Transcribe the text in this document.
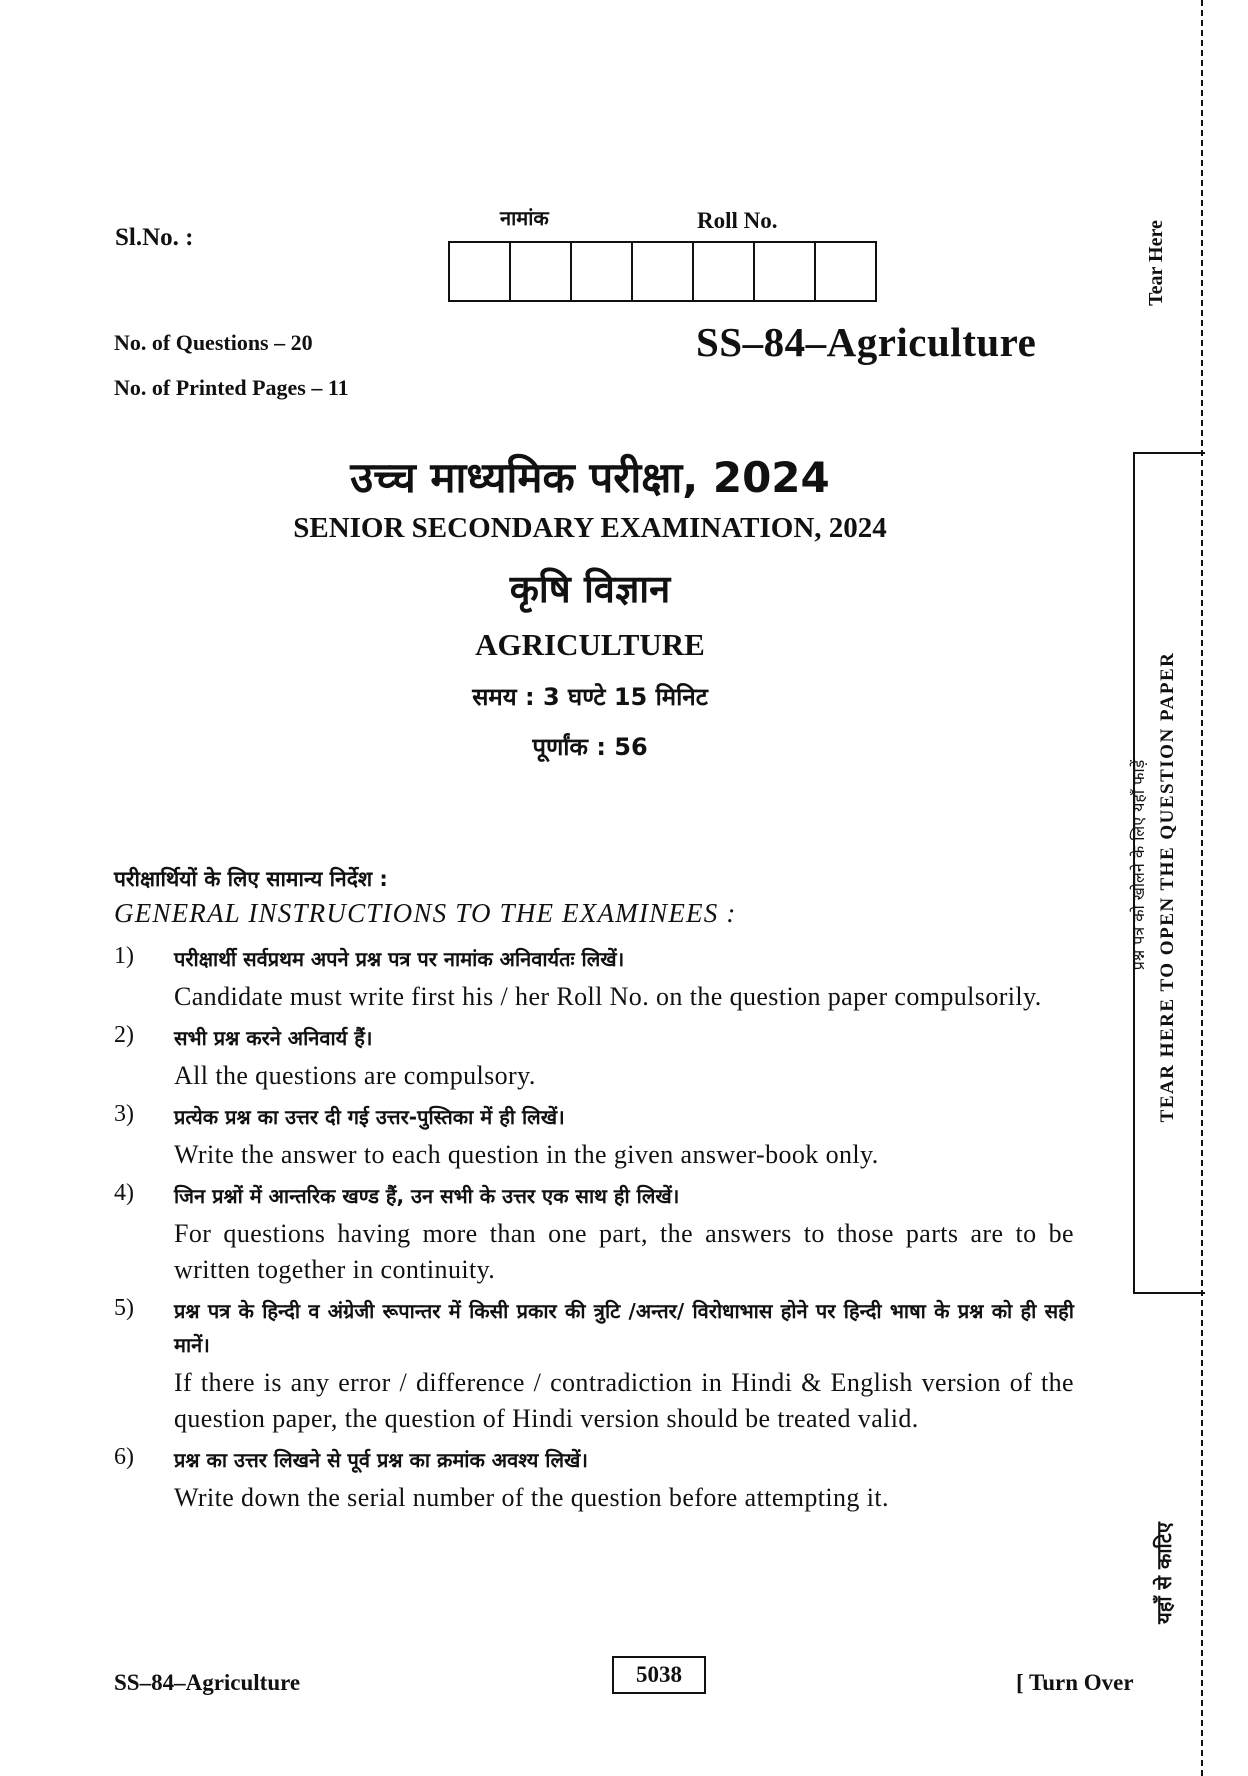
Sl.No. :
नामांक	Roll No.
No. of Questions – 20
No. of Printed Pages – 11
SS–84–Agriculture
उच्च माध्यमिक परीक्षा, 2024
SENIOR SECONDARY EXAMINATION, 2024
कृषि विज्ञान
AGRICULTURE
समय : 3 घण्टे 15 मिनिट
पूर्णांक : 56
परीक्षार्थियों के लिए सामान्य निर्देश :
GENERAL INSTRUCTIONS TO THE EXAMINEES :
1)	परीक्षार्थी सर्वप्रथम अपने प्रश्न पत्र पर नामांक अनिवार्यतः लिखें।
Candidate must write first his / her Roll No. on the question paper compulsorily.
2)	सभी प्रश्न करने अनिवार्य हैं।
All the questions are compulsory.
3)	प्रत्येक प्रश्न का उत्तर दी गई उत्तर-पुस्तिका में ही लिखें।
Write the answer to each question in the given answer-book only.
4)	जिन प्रश्नों में आन्तरिक खण्ड हैं, उन सभी के उत्तर एक साथ ही लिखें।
For questions having more than one part, the answers to those parts are to be written together in continuity.
5)	प्रश्न पत्र के हिन्दी व अंग्रेजी रूपान्तर में किसी प्रकार की त्रुटि /अन्तर/ विरोधाभास होने पर हिन्दी भाषा के प्रश्न को ही सही मानें।
If there is any error / difference / contradiction in Hindi & English version of the question paper, the question of Hindi version should be treated valid.
6)	प्रश्न का उत्तर लिखने से पूर्व प्रश्न का क्रमांक अवश्य लिखें।
Write down the serial number of the question before attempting it.
SS–84–Agriculture	5038	[ Turn Over
Tear Here
TEAR HERE TO OPEN THE QUESTION PAPER
प्रश्न पत्र को खोलने के लिए यहाँ फाड़ें
यहाँ से काटिए
